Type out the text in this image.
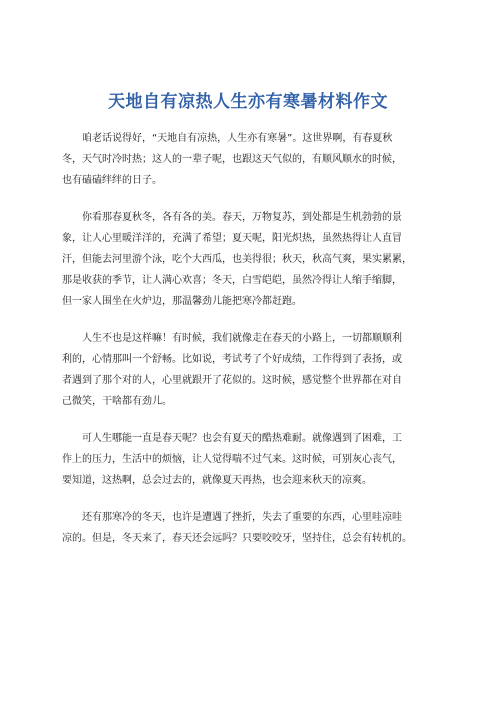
天地自有凉热人生亦有寒暑材料作文

咱老话说得好，“天地自有凉热，人生亦有寒暑”。这世界啊，有春夏秋
冬，天气时冷时热；这人的一辈子呢，也跟这天气似的，有顺风顺水的时候，
也有磕磕绊绊的日子。

你看那春夏秋冬，各有各的美。春天，万物复苏，到处都是生机勃勃的景
象，让人心里暖洋洋的，充满了希望；夏天呢，阳光炽热，虽然热得让人直冒
汗，但能去河里游个泳，吃个大西瓜，也美得很；秋天，秋高气爽，果实累累，
那是收获的季节，让人满心欢喜；冬天，白雪皑皑，虽然冷得让人缩手缩脚，
但一家人围坐在火炉边，那温馨劲儿能把寒冷都赶跑。

人生不也是这样嘛！有时候，我们就像走在春天的小路上，一切都顺顺利
利的，心情那叫一个舒畅。比如说，考试考了个好成绩，工作得到了表扬，或
者遇到了那个对的人，心里就跟开了花似的。这时候，感觉整个世界都在对自
己微笑，干啥都有劲儿。

可人生哪能一直是春天呢？也会有夏天的酷热难耐。就像遇到了困难，工
作上的压力，生活中的烦恼，让人觉得喘不过气来。这时候，可别灰心丧气，
要知道，这热啊，总会过去的，就像夏天再热，也会迎来秋天的凉爽。

还有那寒冷的冬天，也许是遭遇了挫折，失去了重要的东西，心里哇凉哇
凉的。但是，冬天来了，春天还会远吗？只要咬咬牙，坚持住，总会有转机的。
